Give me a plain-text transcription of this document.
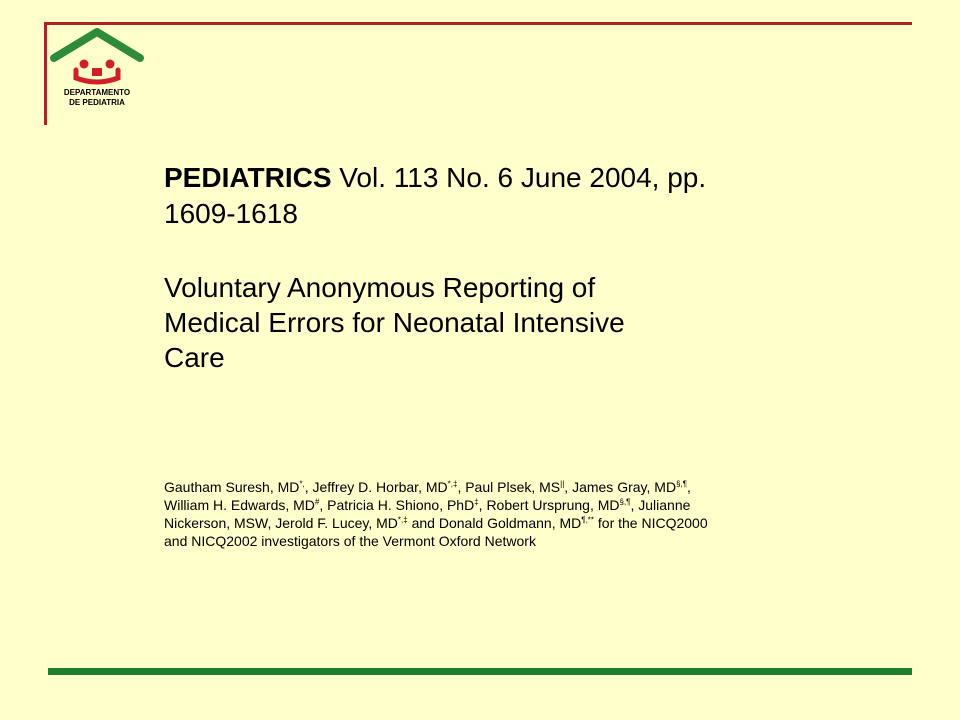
DEPARTAMENTO
DE PEDIATRIA
PEDIATRICS Vol. 113 No. 6 June 2004, pp.
1609-1618
Voluntary Anonymous Reporting of
Medical Errors for Neonatal Intensive
Care
Gautham Suresh, MD*,, Jeffrey D. Horbar, MD*,‡, Paul Plsek, MS||, James Gray, MD§,¶,
William H. Edwards, MD#, Patricia H. Shiono, PhD‡, Robert Ursprung, MD§,¶, Julianne
Nickerson, MSW, Jerold F. Lucey, MD*,‡ and Donald Goldmann, MD¶,** for the NICQ2000
and NICQ2002 investigators of the Vermont Oxford Network
